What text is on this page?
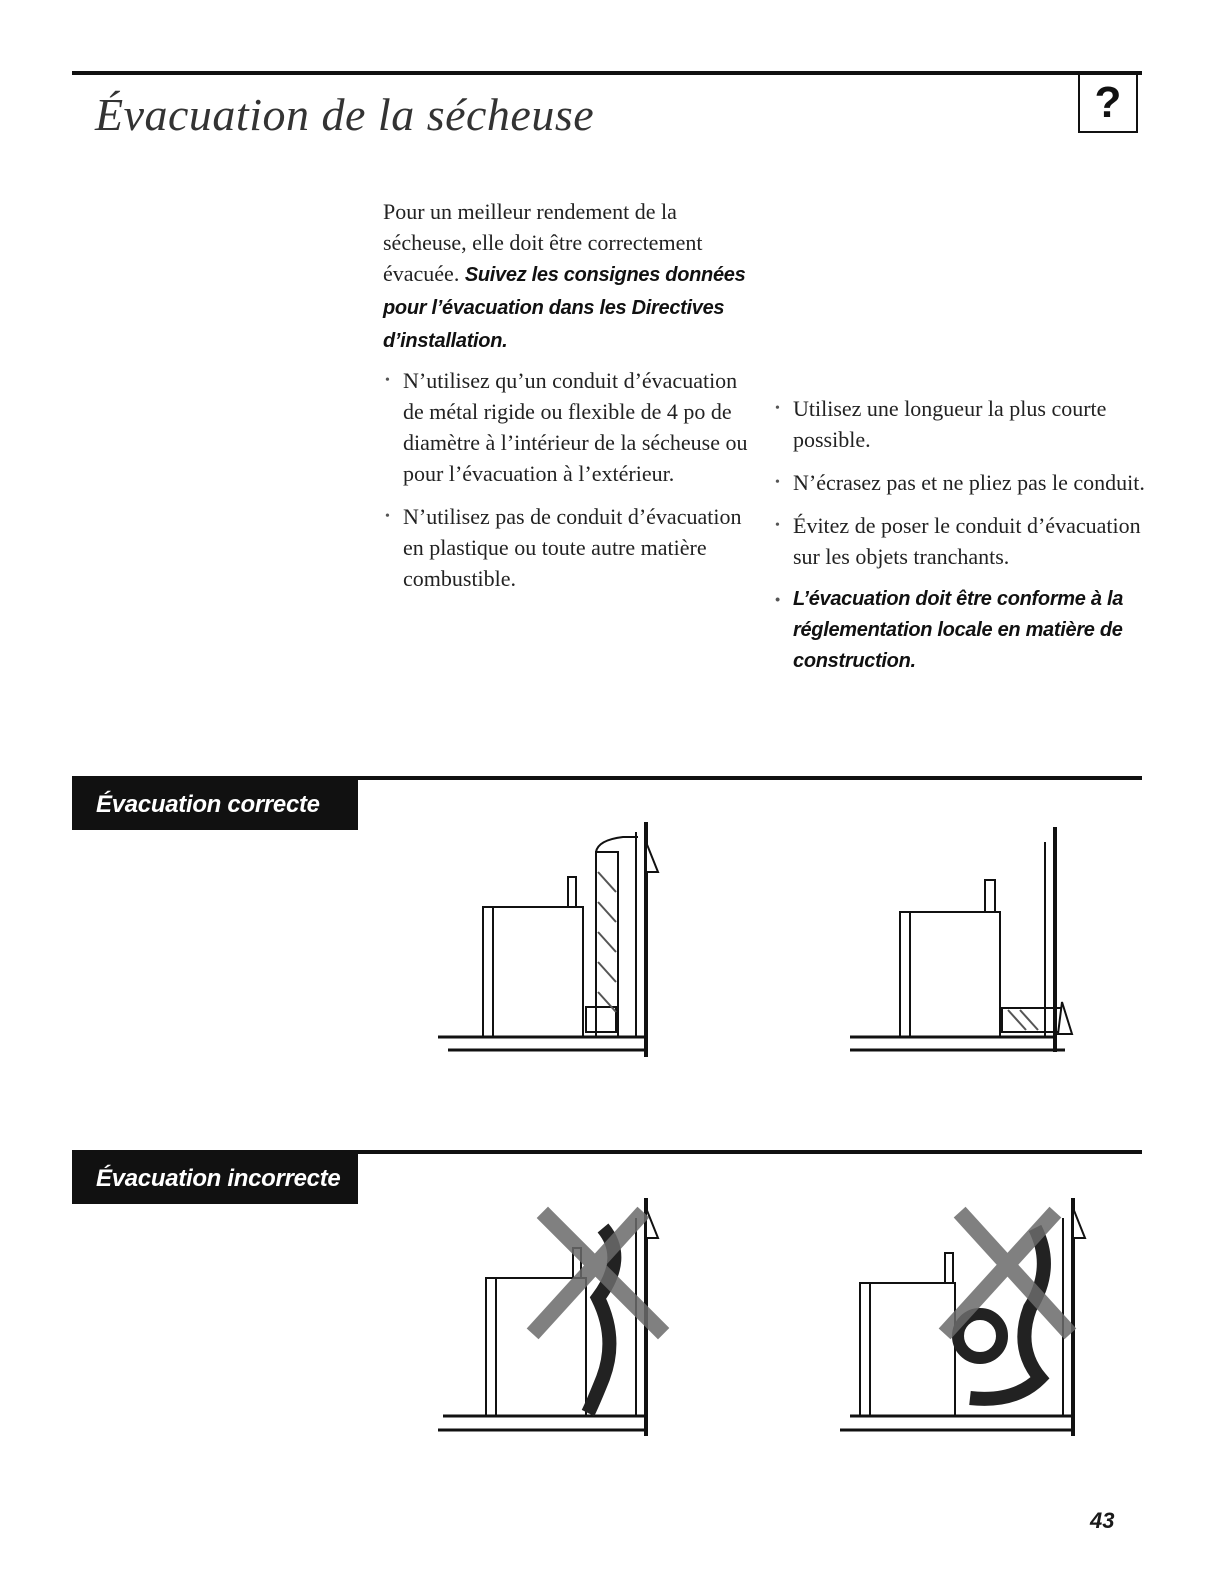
Évacuation de la sécheuse	?

Pour un meilleur rendement de la sécheuse, elle doit être correctement évacuée. Suivez les consignes données pour l’évacuation dans les Directives d’installation.

• N’utilisez qu’un conduit d’évacuation de métal rigide ou flexible de 4 po de diamètre à l’intérieur de la sécheuse ou pour l’évacuation à l’extérieur.
• N’utilisez pas de conduit d’évacuation en plastique ou toute autre matière combustible.
• Utilisez une longueur la plus courte possible.
• N’écrasez pas et ne pliez pas le conduit.
• Évitez de poser le conduit d’évacuation sur les objets tranchants.
• L’évacuation doit être conforme à la réglementation locale en matière de construction.
Évacuation correcte
Évacuation incorrecte
43
